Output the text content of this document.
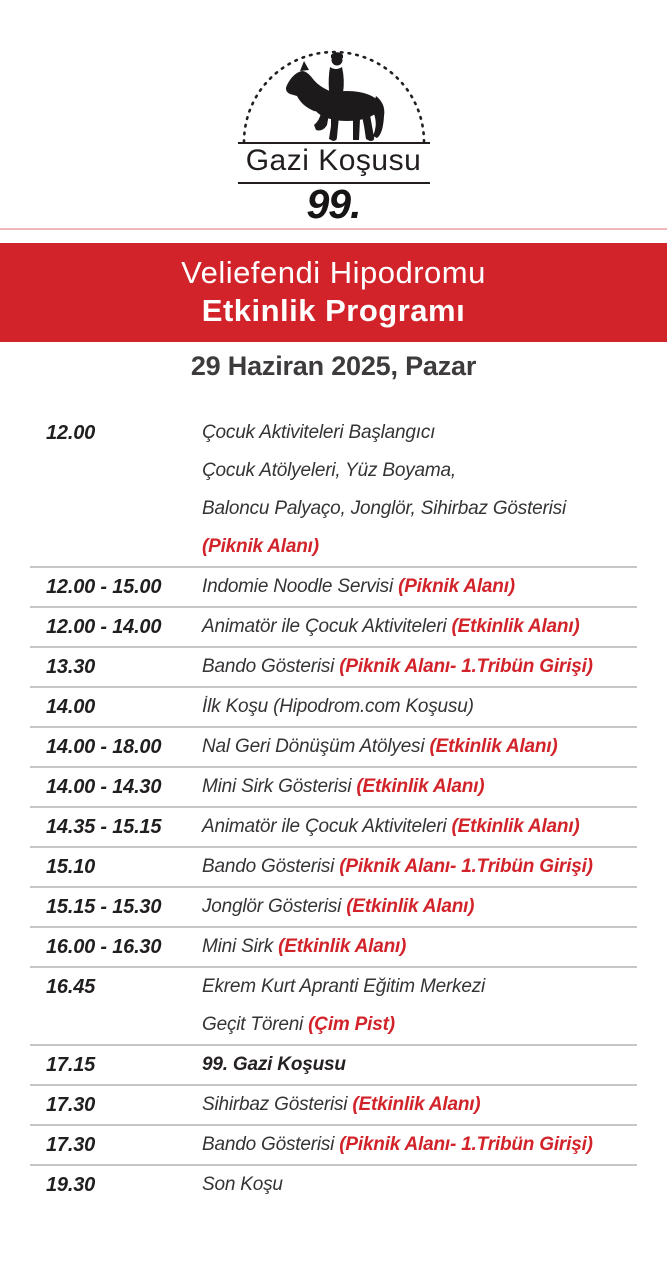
Gazi Koşusu
99.
Veliefendi Hipodromu
Etkinlik Programı
29 Haziran 2025, Pazar
12.00	Çocuk Aktiviteleri Başlangıcı
Çocuk Atölyeleri, Yüz Boyama,
Baloncu Palyaço, Jonglör, Sihirbaz Gösterisi
(Piknik Alanı)
12.00 - 15.00	Indomie Noodle Servisi (Piknik Alanı)
12.00 - 14.00	Animatör ile Çocuk Aktiviteleri (Etkinlik Alanı)
13.30	Bando Gösterisi (Piknik Alanı- 1.Tribün Girişi)
14.00	İlk Koşu (Hipodrom.com Koşusu)
14.00 - 18.00	Nal Geri Dönüşüm Atölyesi (Etkinlik Alanı)
14.00 - 14.30	Mini Sirk Gösterisi (Etkinlik Alanı)
14.35 - 15.15	Animatör ile Çocuk Aktiviteleri (Etkinlik Alanı)
15.10	Bando Gösterisi (Piknik Alanı- 1.Tribün Girişi)
15.15 - 15.30	Jonglör Gösterisi (Etkinlik Alanı)
16.00 - 16.30	Mini Sirk (Etkinlik Alanı)
16.45	Ekrem Kurt Apranti Eğitim Merkezi
Geçit Töreni (Çim Pist)
17.15	99. Gazi Koşusu
17.30	Sihirbaz Gösterisi (Etkinlik Alanı)
17.30	Bando Gösterisi (Piknik Alanı- 1.Tribün Girişi)
19.30	Son Koşu
